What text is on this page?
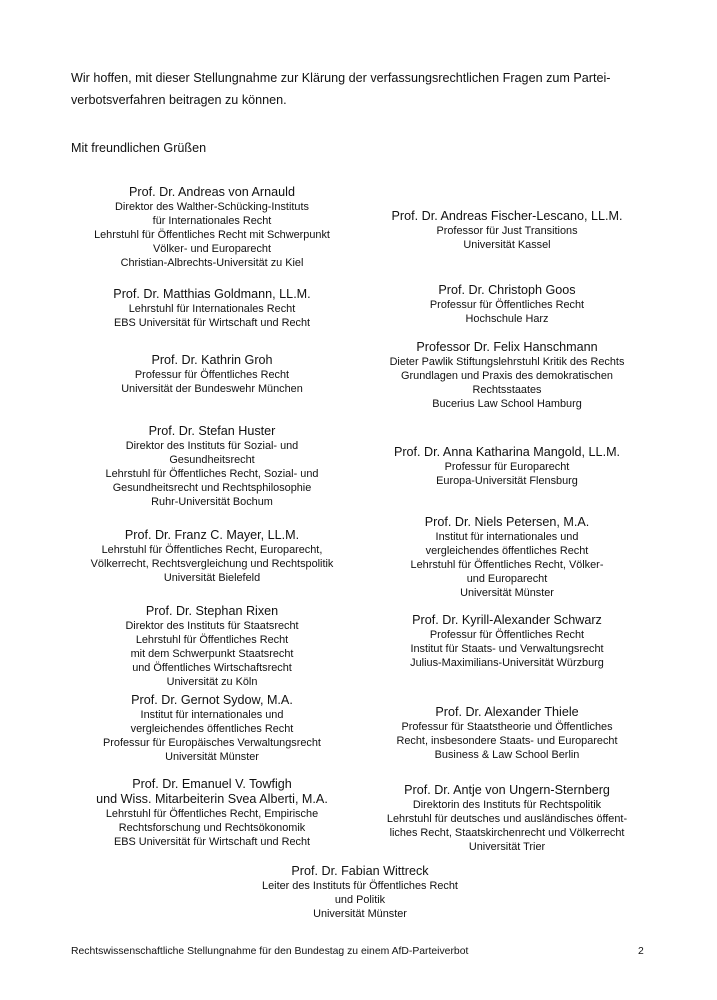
Wir hoffen, mit dieser Stellungnahme zur Klärung der verfassungsrechtlichen Fragen zum Partei-
verbotsverfahren beitragen zu können.
Mit freundlichen Grüßen
Prof. Dr. Andreas von Arnauld
Direktor des Walther-Schücking-Instituts
für Internationales Recht
Lehrstuhl für Öffentliches Recht mit Schwerpunkt
Völker- und Europarecht
Christian-Albrechts-Universität zu Kiel
Prof. Dr. Andreas Fischer-Lescano, LL.M.
Professor für Just Transitions
Universität Kassel
Prof. Dr. Matthias Goldmann, LL.M.
Lehrstuhl für Internationales Recht
EBS Universität für Wirtschaft und Recht
Prof. Dr. Christoph Goos
Professur für Öffentliches Recht
Hochschule Harz
Prof. Dr. Kathrin Groh
Professur für Öffentliches Recht
Universität der Bundeswehr München
Professor Dr. Felix Hanschmann
Dieter Pawlik Stiftungslehrstuhl Kritik des Rechts
Grundlagen und Praxis des demokratischen
Rechtsstaates
Bucerius Law School Hamburg
Prof. Dr. Stefan Huster
Direktor des Instituts für Sozial- und
Gesundheitsrecht
Lehrstuhl für Öffentliches Recht, Sozial- und
Gesundheitsrecht und Rechtsphilosophie
Ruhr-Universität Bochum
Prof. Dr. Anna Katharina Mangold, LL.M.
Professur für Europarecht
Europa-Universität Flensburg
Prof. Dr. Franz C. Mayer, LL.M.
Lehrstuhl für Öffentliches Recht, Europarecht,
Völkerrecht, Rechtsvergleichung und Rechtspolitik
Universität Bielefeld
Prof. Dr. Niels Petersen, M.A.
Institut für internationales und
vergleichendes öffentliches Recht
Lehrstuhl für Öffentliches Recht, Völker-
und Europarecht
Universität Münster
Prof. Dr. Stephan Rixen
Direktor des Instituts für Staatsrecht
Lehrstuhl für Öffentliches Recht
mit dem Schwerpunkt Staatsrecht
und Öffentliches Wirtschaftsrecht
Universität zu Köln
Prof. Dr. Kyrill-Alexander Schwarz
Professur für Öffentliches Recht
Institut für Staats- und Verwaltungsrecht
Julius-Maximilians-Universität Würzburg
Prof. Dr. Gernot Sydow, M.A.
Institut für internationales und
vergleichendes öffentliches Recht
Professur für Europäisches Verwaltungsrecht
Universität Münster
Prof. Dr. Alexander Thiele
Professur für Staatstheorie und Öffentliches
Recht, insbesondere Staats- und Europarecht
Business & Law School Berlin
Prof. Dr. Emanuel V. Towfigh
und Wiss. Mitarbeiterin Svea Alberti, M.A.
Lehrstuhl für Öffentliches Recht, Empirische
Rechtsforschung und Rechtsökonomik
EBS Universität für Wirtschaft und Recht
Prof. Dr. Antje von Ungern-Sternberg
Direktorin des Instituts für Rechtspolitik
Lehrstuhl für deutsches und ausländisches öffent-
liches Recht, Staatskirchenrecht und Völkerrecht
Universität Trier
Prof. Dr. Fabian Wittreck
Leiter des Instituts für Öffentliches Recht
und Politik
Universität Münster
Rechtswissenschaftliche Stellungnahme für den Bundestag zu einem AfD-Parteiverbot	2
